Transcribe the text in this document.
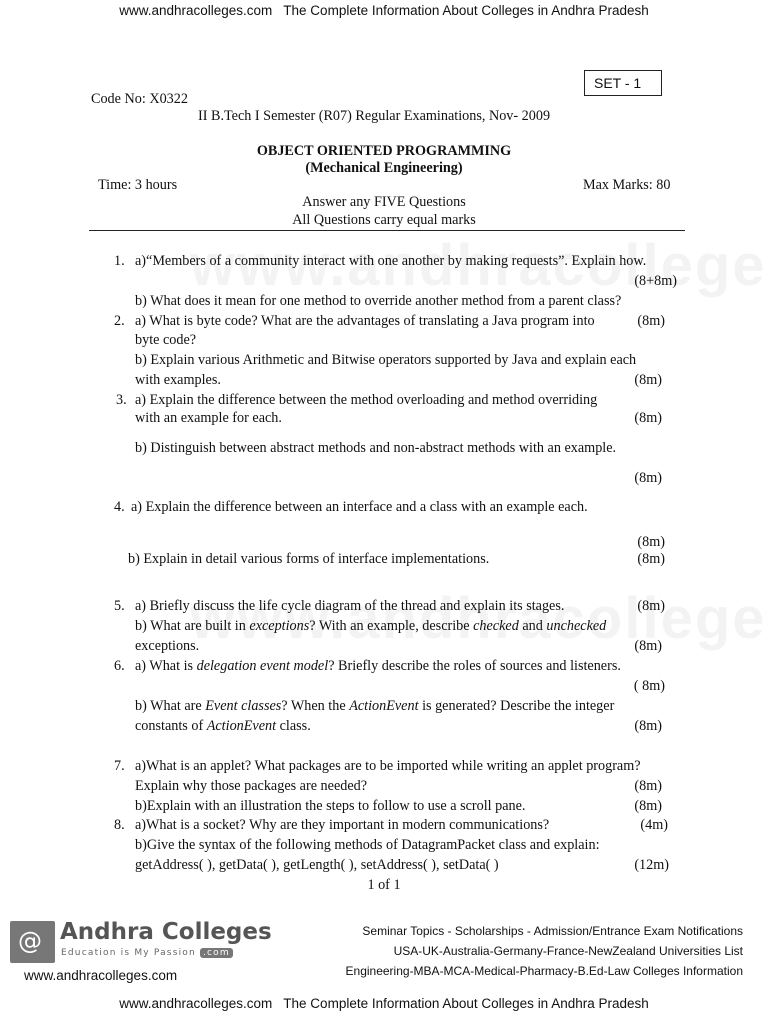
www.andhracolleges.com The Complete Information About Colleges in Andhra Pradesh
SET - 1
Code No: X0322
II B.Tech I Semester (R07) Regular Examinations, Nov- 2009
OBJECT ORIENTED PROGRAMMING
(Mechanical Engineering)
Time: 3 hours	Max Marks: 80
Answer any FIVE Questions
All Questions carry equal marks
1. a)“Members of a community interact with one another by making requests”. Explain how.
(8+8m)
b) What does it mean for one method to override another method from a parent class?
2. a) What is byte code? What are the advantages of translating a Java program into	(8m)
byte code?
b) Explain various Arithmetic and Bitwise operators supported by Java and explain each
with examples.	(8m)
3. a) Explain the difference between the method overloading and method overriding
with an example for each.	(8m)
b) Distinguish between abstract methods and non-abstract methods with an example.
(8m)
4. a) Explain the difference between an interface and a class with an example each.
(8m)
b) Explain in detail various forms of interface implementations.	(8m)
5. a) Briefly discuss the life cycle diagram of the thread and explain its stages.	(8m)
b) What are built in exceptions? With an example, describe checked and unchecked
exceptions.	(8m)
6. a) What is delegation event model? Briefly describe the roles of sources and listeners.
( 8m)
b) What are Event classes? When the ActionEvent is generated? Describe the integer
constants of ActionEvent class.	(8m)
7. a)What is an applet? What packages are to be imported while writing an applet program?
Explain why those packages are needed?	(8m)
b)Explain with an illustration the steps to follow to use a scroll pane.	(8m)
8. a)What is a socket? Why are they important in modern communications?	(4m)
b)Give the syntax of the following methods of DatagramPacket class and explain:
getAddress( ), getData( ), getLength( ), setAddress( ), setData( )	(12m)
1 of 1
@ Andhra Colleges
Education is My Passion .com
www.andhracolleges.com
Seminar Topics - Scholarships - Admission/Entrance Exam Notifications
USA-UK-Australia-Germany-France-NewZealand Universities List
Engineering-MBA-MCA-Medical-Pharmacy-B.Ed-Law Colleges Information
www.andhracolleges.com The Complete Information About Colleges in Andhra Pradesh
